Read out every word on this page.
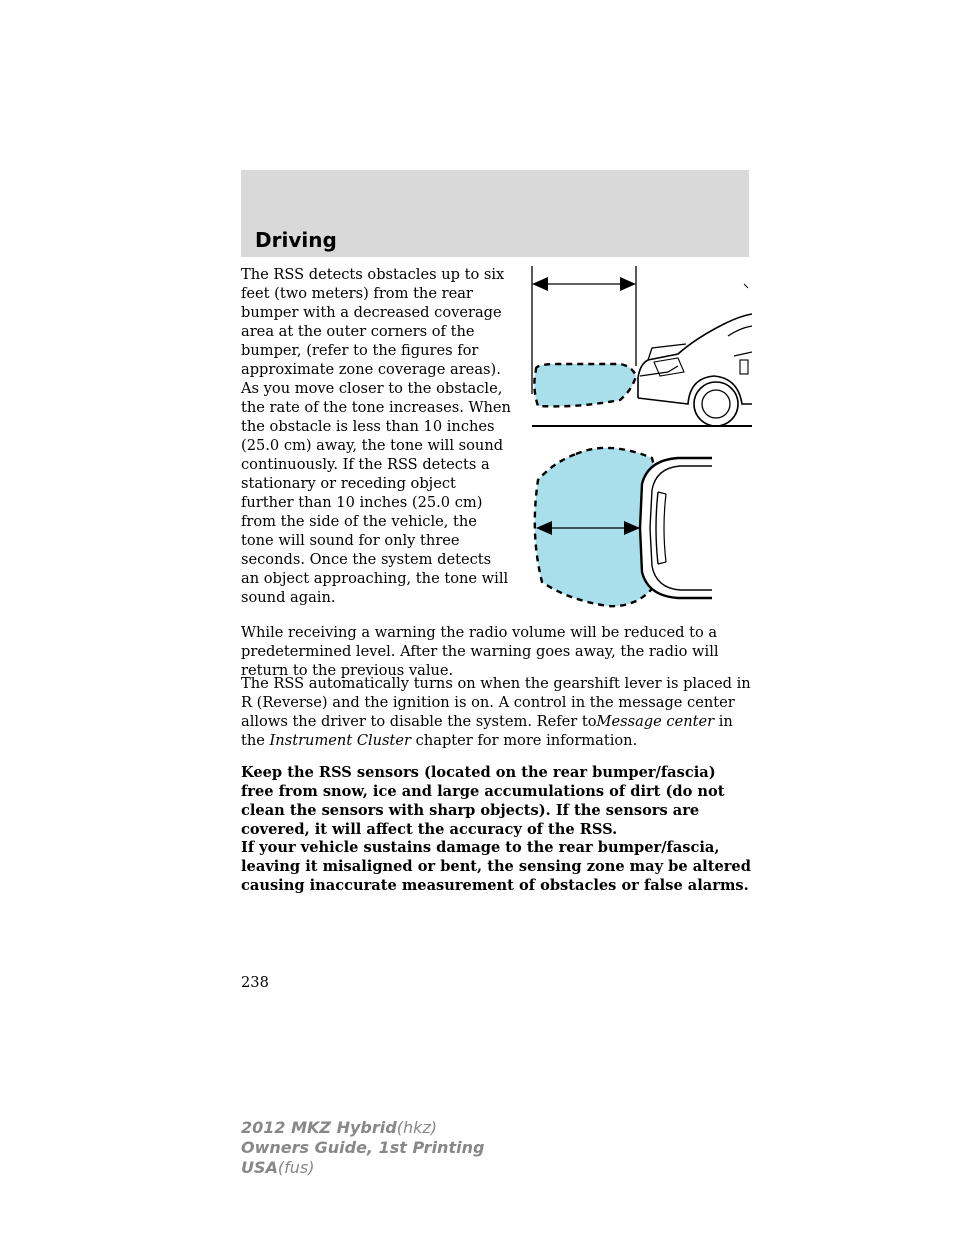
Driving

The RSS detects obstacles up to six feet (two meters) from the rear bumper with a decreased coverage area at the outer corners of the bumper, (refer to the figures for approximate zone coverage areas). As you move closer to the obstacle, the rate of the tone increases. When the obstacle is less than 10 inches (25.0 cm) away, the tone will sound continuously. If the RSS detects a stationary or receding object further than 10 inches (25.0 cm) from the side of the vehicle, the tone will sound for only three seconds. Once the system detects an object approaching, the tone will sound again.

While receiving a warning the radio volume will be reduced to a predetermined level. After the warning goes away, the radio will return to the previous value.

The RSS automatically turns on when the gearshift lever is placed in R (Reverse) and the ignition is on. A control in the message center allows the driver to disable the system. Refer toMessage center in the Instrument Cluster chapter for more information.

Keep the RSS sensors (located on the rear bumper/fascia) free from snow, ice and large accumulations of dirt (do not clean the sensors with sharp objects). If the sensors are covered, it will affect the accuracy of the RSS.

If your vehicle sustains damage to the rear bumper/fascia, leaving it misaligned or bent, the sensing zone may be altered causing inaccurate measurement of obstacles or false alarms.

238

2012 MKZ Hybrid(hkz)
Owners Guide, 1st Printing
USA(fus)
